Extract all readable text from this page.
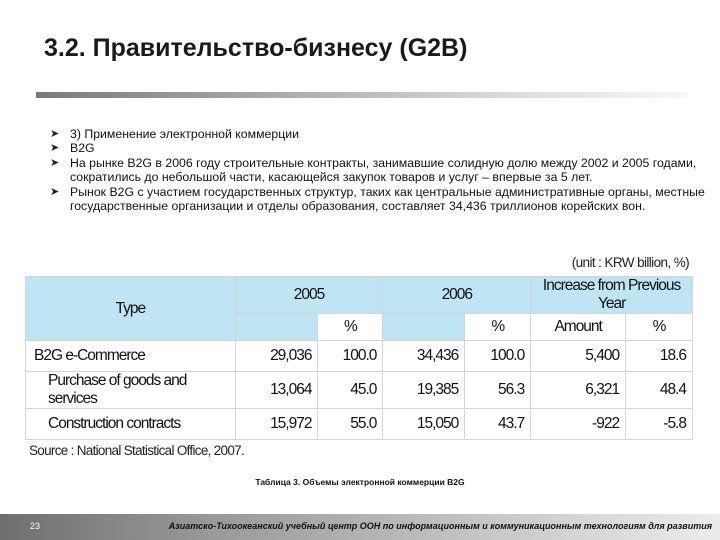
3.2. Правительство-бизнесу (G2B)
➤ 3) Применение электронной коммерции
➤ B2G
➤ На рынке B2G в 2006 году строительные контракты, занимавшие солидную долю между 2002 и 2005 годами, сократились до небольшой части, касающейся закупок товаров и услуг – впервые за 5 лет.
➤ Рынок B2G с участием государственных структур, таких как центральные административные органы, местные государственные организации и отделы образования, составляет 34,436 триллионов корейских вон.
(unit : KRW billion, %)
Type	2005		2006		Increase from Previous Year	
		%		%	Amount	%
B2G e-Commerce	29,036	100.0	34,436	100.0	5,400	18.6
Purchase of goods and services	13,064	45.0	19,385	56.3	6,321	48.4
Construction contracts	15,972	55.0	15,050	43.7	-922	-5.8
Source : National Statistical Office, 2007.
Таблица 3. Объемы электронной коммерции B2G
23	Азиатско-Тихоокеанский учебный центр ООН по информационным и коммуникационным технологиям для развития
